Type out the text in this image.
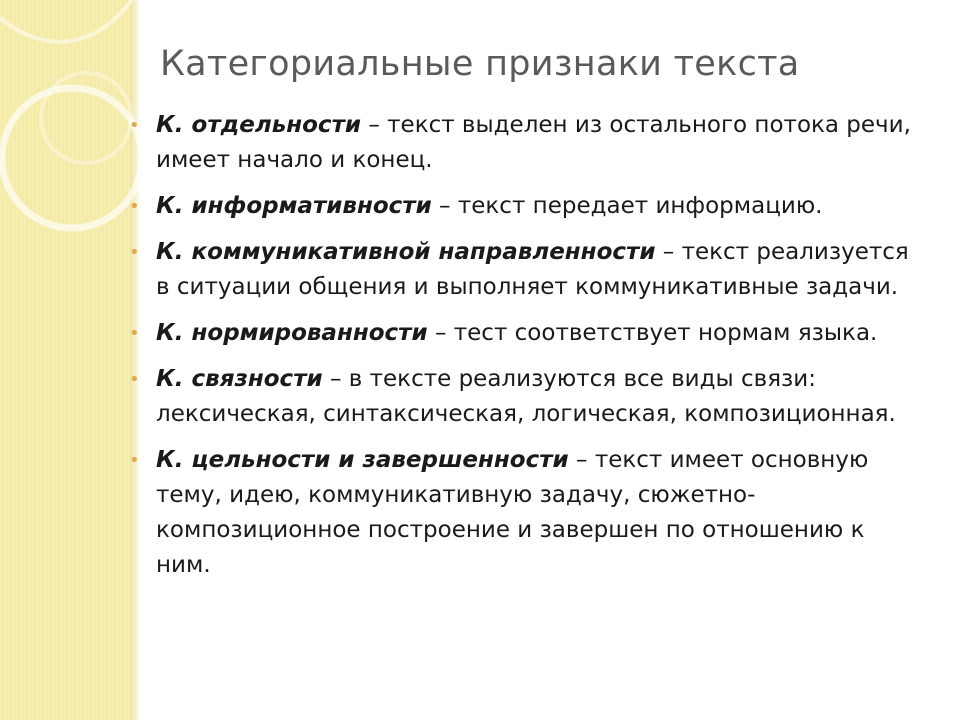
Категориальные признаки текста
• К. отдельности – текст выделен из остального потока речи, имеет начало и конец.
• К. информативности – текст передает информацию.
• К. коммуникативной направленности – текст реализуется в ситуации общения и выполняет коммуникативные задачи.
• К. нормированности – тест соответствует нормам языка.
• К. связности – в тексте реализуются все виды связи: лексическая, синтаксическая, логическая, композиционная.
• К. цельности и завершенности – текст имеет основную тему, идею, коммуникативную задачу, сюжетно-композиционное построение и завершен по отношению к ним.
